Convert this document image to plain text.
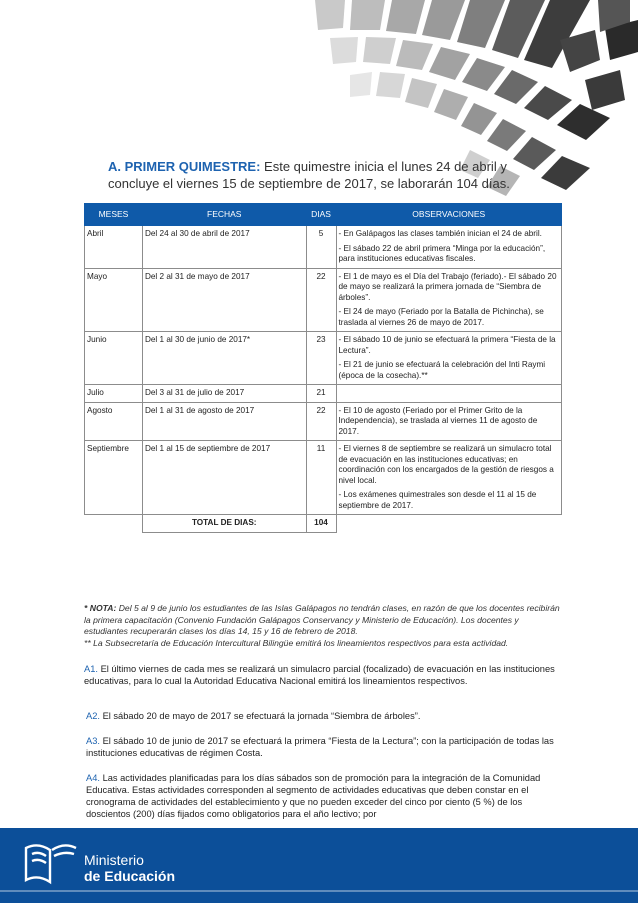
A. PRIMER QUIMESTRE: Este quimestre inicia el lunes 24 de abril y concluye el viernes 15 de septiembre de 2017, se laborarán 104 días.
MESES	FECHAS	DIAS	OBSERVACIONES
Abril	Del 24 al 30 de abril de 2017	5	- En Galápagos las clases también inician el 24 de abril.

- El sábado 22 de abril primera “Minga por la educación”, para instituciones educativas fiscales.

Mayo	Del 2 al 31 de mayo de 2017	22	- El 1 de mayo es el Día del Trabajo (feriado).- El sábado 20 de mayo se realizará la primera jornada de “Siembra de árboles”.

- El 24 de mayo (Feriado por la Batalla de Pichincha), se traslada al viernes 26 de mayo de 2017.

Junio	Del 1 al 30 de junio de 2017*	23	- El sábado 10 de junio se efectuará la primera “Fiesta de la Lectura”.

- El 21 de junio se efectuará la celebración del Inti Raymi (época de la cosecha).**

Julio	Del 3 al 31 de julio de 2017	21	
Agosto	Del 1 al 31 de agosto de 2017	22	- El 10 de agosto (Feriado por el Primer Grito de la Independencia), se traslada al viernes 11 de agosto de 2017.

Septiembre	Del 1 al 15 de septiembre de 2017	11	- El viernes 8 de septiembre se realizará un simulacro total de evacuación en las instituciones educativas; en coordinación con los encargados de la gestión de riesgos a nivel local.

- Los exámenes quimestrales son desde el 11 al 15 de septiembre de 2017.

	TOTAL DE DIAS:	104	
* NOTA: Del 5 al 9 de junio los estudiantes de las Islas Galápagos no tendrán clases, en razón de que los docentes recibirán la primera capacitación (Convenio Fundación Galápagos Conservancy y Ministerio de Educación). Los docentes y estudiantes recuperarán clases los días 14, 15 y 16 de febrero de 2018.
** La Subsecretaría de Educación Intercultural Bilingüe emitirá los lineamientos respectivos para esta actividad.
A1. El último viernes de cada mes se realizará un simulacro parcial (focalizado) de evacuación en las instituciones educativas, para lo cual la Autoridad Educativa Nacional emitirá los lineamientos respectivos.
A2. El sábado 20 de mayo de 2017 se efectuará la jornada “Siembra de árboles”.
A3. El sábado 10 de junio de 2017 se efectuará la primera “Fiesta de la Lectura”; con la participación de todas las instituciones educativas de régimen Costa.
A4. Las actividades planificadas para los días sábados son de promoción para la integración de la Comunidad Educativa. Estas actividades corresponden al segmento de actividades educativas que deben constar en el cronograma de actividades del establecimiento y que no pueden exceder del cinco por ciento (5 %) de los doscientos (200) días fijados como obligatorios para el año lectivo; por
Ministerio
de Educación
